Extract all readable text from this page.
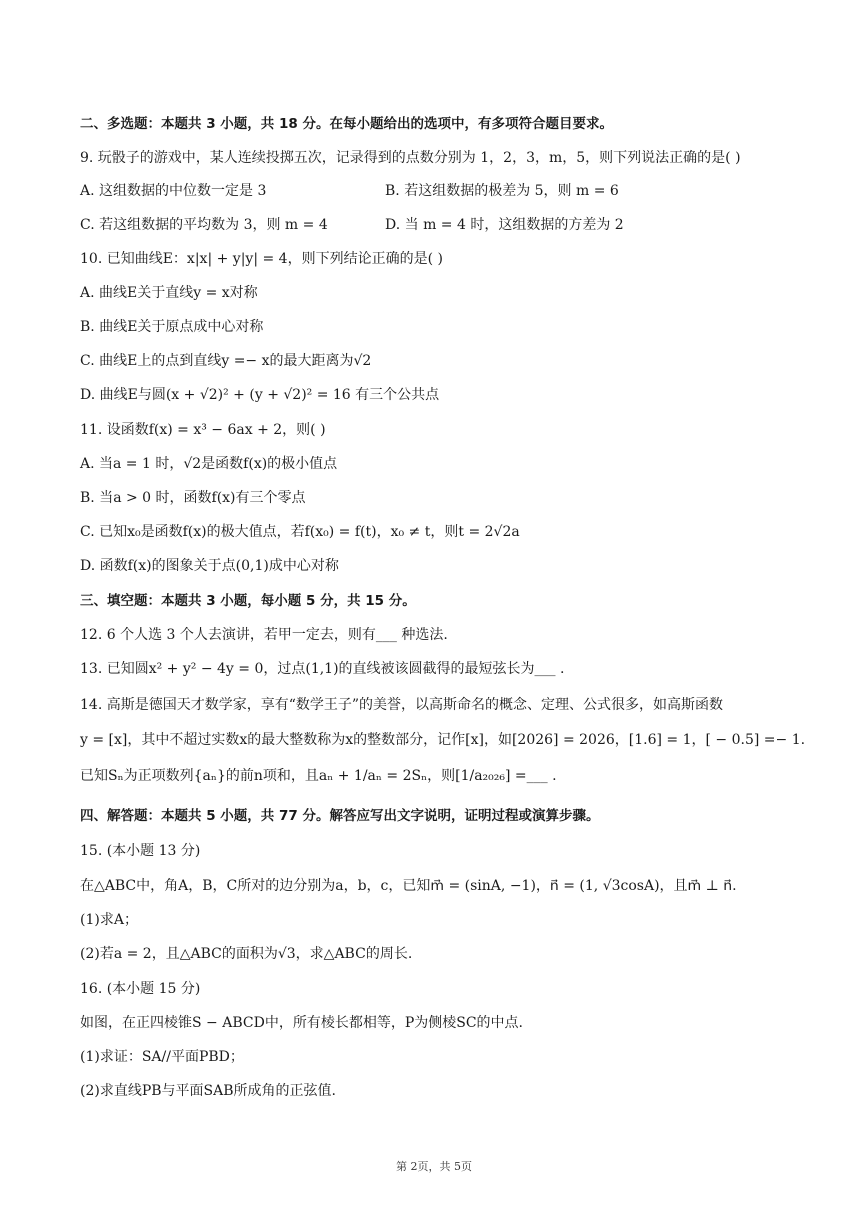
二、多选题：本题共 3 小题，共 18 分。在每小题给出的选项中，有多项符合题目要求。
9. 玩骰子的游戏中，某人连续投掷五次，记录得到的点数分别为 1，2，3，m，5，则下列说法正确的是( )
A. 这组数据的中位数一定是 3	B. 若这组数据的极差为 5，则 m = 6
C. 若这组数据的平均数为 3，则 m = 4	D. 当 m = 4 时，这组数据的方差为 2
10. 已知曲线E：x|x| + y|y| = 4，则下列结论正确的是( )
A. 曲线E关于直线y = x对称
B. 曲线E关于原点成中心对称
C. 曲线E上的点到直线y =− x的最大距离为√2
D. 曲线E与圆(x + √2)² + (y + √2)² = 16 有三个公共点
11. 设函数f(x) = x³ − 6ax + 2，则( )
A. 当a = 1 时，√2是函数f(x)的极小值点
B. 当a > 0 时，函数f(x)有三个零点
C. 已知x₀是函数f(x)的极大值点，若f(x₀) = f(t)，x₀ ≠ t，则t = 2√2a
D. 函数f(x)的图象关于点(0,1)成中心对称
三、填空题：本题共 3 小题，每小题 5 分，共 15 分。
12. 6 个人选 3 个人去演讲，若甲一定去，则有___ 种选法.
13. 已知圆x² + y² − 4y = 0，过点(1,1)的直线被该圆截得的最短弦长为___ .
14. 高斯是德国天才数学家，享有“数学王子”的美誉，以高斯命名的概念、定理、公式很多，如高斯函数
y = [x]，其中不超过实数x的最大整数称为x的整数部分，记作[x]，如[2026] = 2026，[1.6] = 1，[ − 0.5] =− 1.
已知Sₙ为正项数列{aₙ}的前n项和，且aₙ + 1/aₙ = 2Sₙ，则[1/a₂₀₂₆] =___ .
四、解答题：本题共 5 小题，共 77 分。解答应写出文字说明，证明过程或演算步骤。
15. (本小题 13 分)
在△ABC中，角A，B，C所对的边分别为a，b，c，已知m⃗ = (sinA, −1)，n⃗ = (1, √3cosA)，且m⃗ ⊥ n⃗.
(1)求A；
(2)若a = 2，且△ABC的面积为√3，求△ABC的周长.
16. (本小题 15 分)
如图，在正四棱锥S − ABCD中，所有棱长都相等，P为侧棱SC的中点.
(1)求证：SA//平面PBD；
(2)求直线PB与平面SAB所成角的正弦值.
第 2页，共 5页
